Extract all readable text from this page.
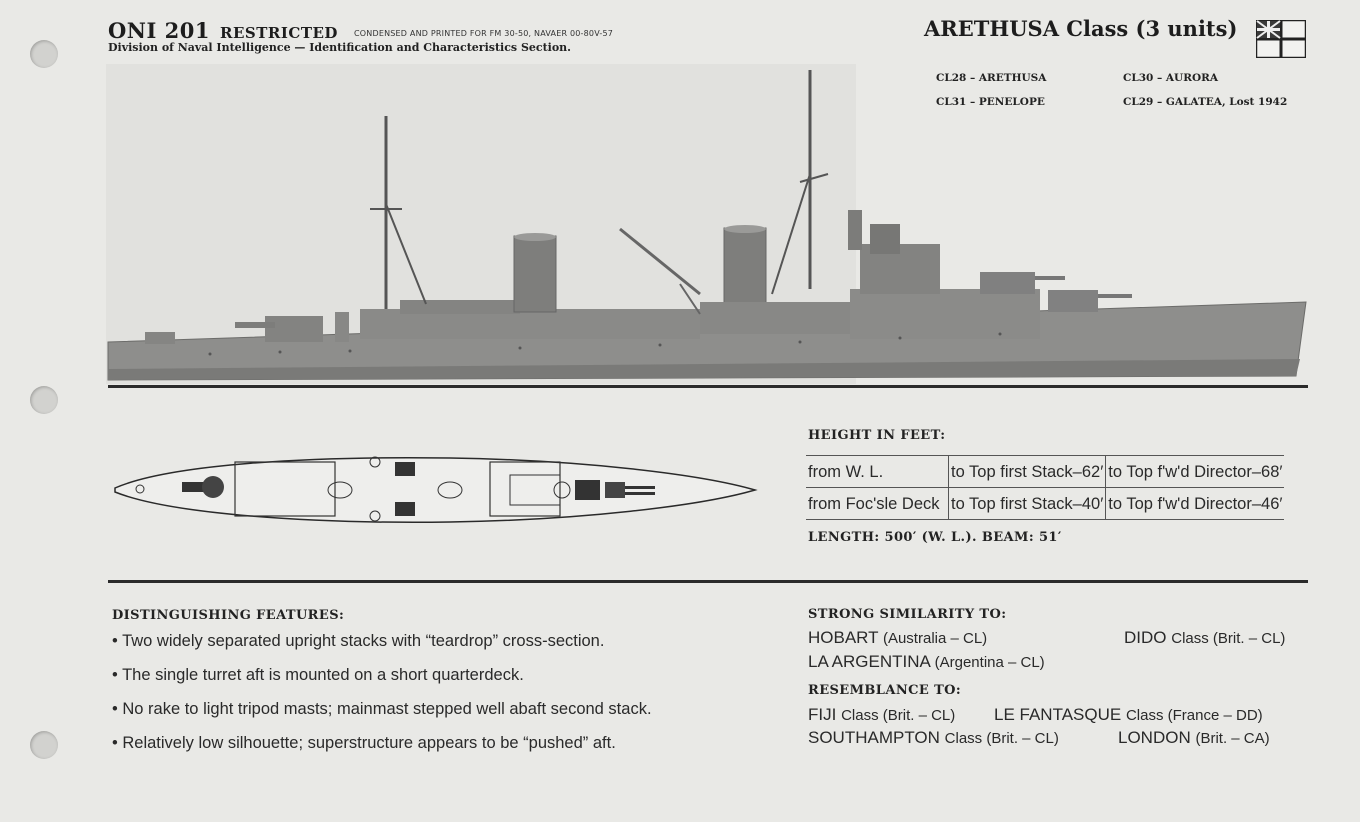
ONI 201 RESTRICTED CONDENSED AND PRINTED FOR FM 30-50, NAVAER 00-80V-57
Division of Naval Intelligence — Identification and Characteristics Section.
ARETHUSA Class (3 units)
CL28 – ARETHUSA	CL30 – AURORA
CL31 – PENELOPE	CL29 – GALATEA, Lost 1942
HEIGHT IN FEET:
from W. L.	to Top first Stack–62′	to Top f'w'd Director–68′
from Foc'sle Deck	to Top first Stack–40′	to Top f'w'd Director–46′
LENGTH: 500′ (W. L.). BEAM: 51′
DISTINGUISHING FEATURES:
• Two widely separated upright stacks with “teardrop” cross-section.
• The single turret aft is mounted on a short quarterdeck.
• No rake to light tripod masts; mainmast stepped well abaft second stack.
• Relatively low silhouette; superstructure appears to be “pushed” aft.
STRONG SIMILARITY TO:
HOBART (Australia – CL)	DIDO Class (Brit. – CL)
LA ARGENTINA (Argentina – CL)
RESEMBLANCE TO:
FIJI Class (Brit. – CL) LE FANTASQUE Class (France – DD)
SOUTHAMPTON Class (Brit. – CL)	LONDON (Brit. – CA)
